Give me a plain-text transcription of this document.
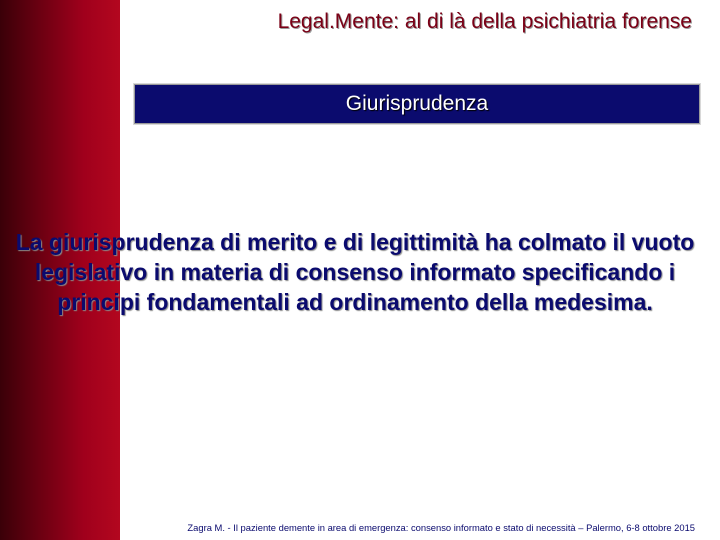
Legal.Mente: al di là della psichiatria forense
Giurisprudenza
La giurisprudenza di merito e di legittimità ha colmato il vuoto legislativo in materia di consenso informato specificando i principi fondamentali ad ordinamento della medesima.
Zagra M. - Il paziente demente in area di emergenza: consenso informato e stato di necessità – Palermo, 6-8 ottobre 2015
